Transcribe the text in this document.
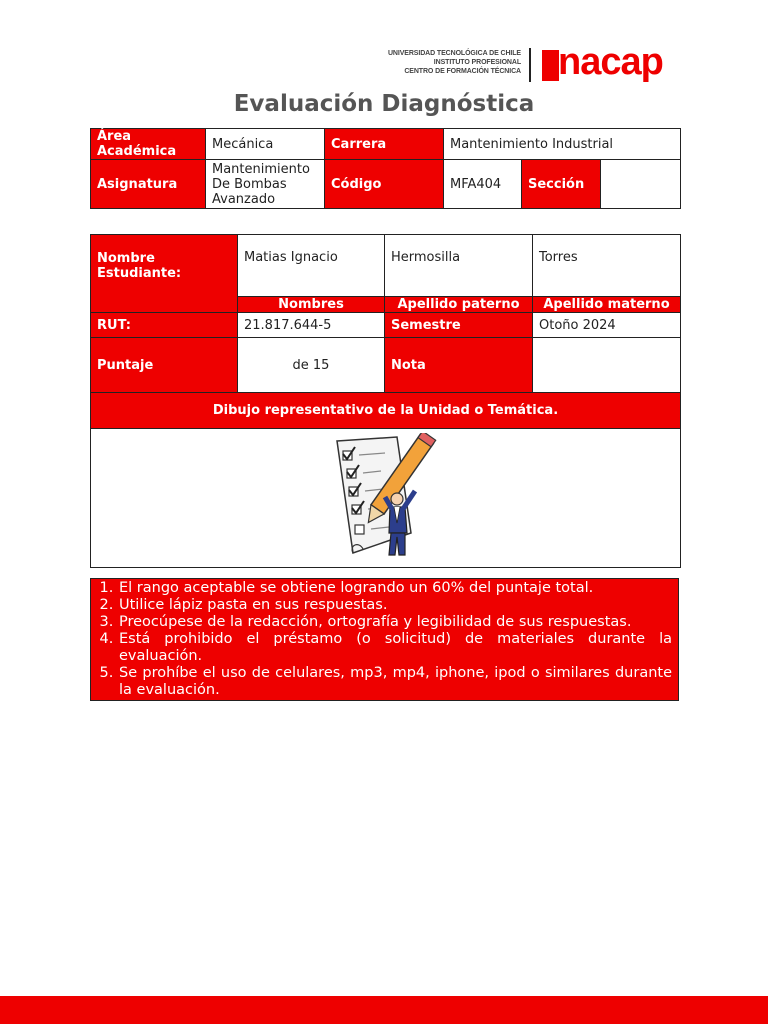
UNIVERSIDAD TECNOLÓGICA DE CHILE
INSTITUTO PROFESIONAL
CENTRO DE FORMACIÓN TÉCNICA nacap
Evaluación Diagnóstica
Área Académica	Mecánica	Carrera	Mantenimiento Industrial		
Asignatura	Mantenimiento De Bombas Avanzado	Código	MFA404	Sección	
Nombre Estudiante:	Matias Ignacio	Hermosilla	Torres
	Nombres	Apellido paterno	Apellido materno
RUT:	21.817.644-5	Semestre	Otoño 2024
Puntaje	de 15	Nota	
Dibujo representativo de la Unidad o Temática.			

1. El rango aceptable se obtiene logrando un 60% del puntaje total.
2. Utilice lápiz pasta en sus respuestas.
3. Preocúpese de la redacción, ortografía y legibilidad de sus respuestas.
4. Está prohibido el préstamo (o solicitud) de materiales durante la evaluación.
5. Se prohíbe el uso de celulares, mp3, mp4, iphone, ipod o similares durante la evaluación.
